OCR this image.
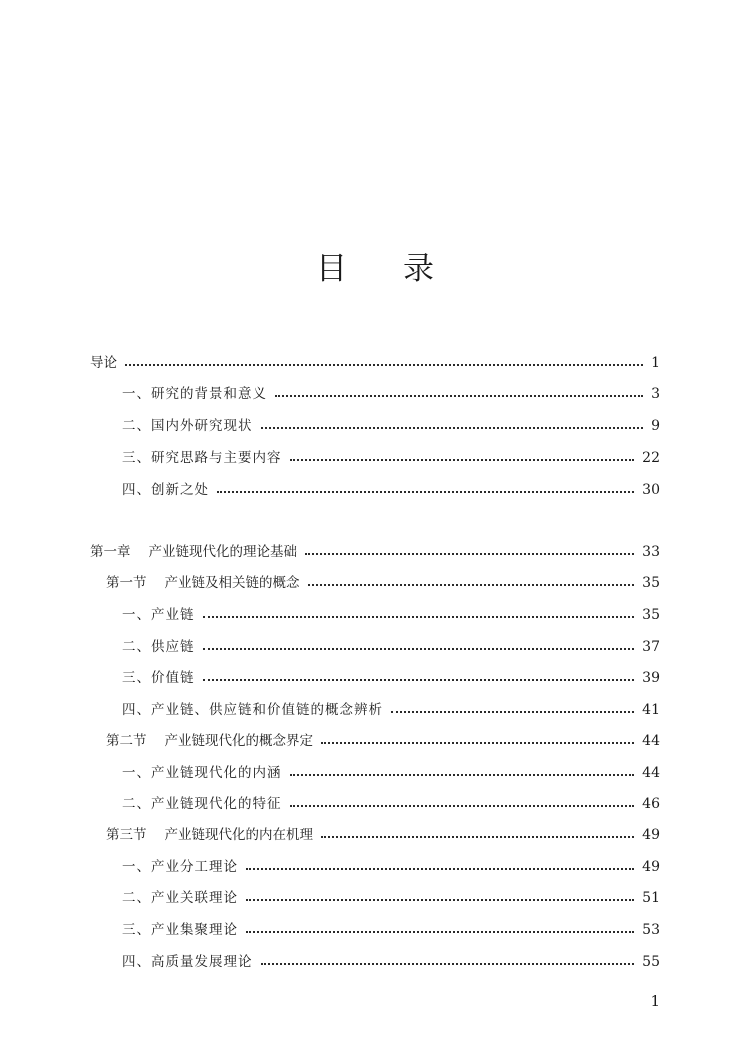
目 录
导论	1
一、研究的背景和意义	3
二、国内外研究现状	9
三、研究思路与主要内容	22
四、创新之处	30
第一章 产业链现代化的理论基础	33
第一节 产业链及相关链的概念	35
一、产业链	35
二、供应链	37
三、价值链	39
四、产业链、供应链和价值链的概念辨析	41
第二节 产业链现代化的概念界定	44
一、产业链现代化的内涵	44
二、产业链现代化的特征	46
第三节 产业链现代化的内在机理	49
一、产业分工理论	49
二、产业关联理论	51
三、产业集聚理论	53
四、高质量发展理论	55
1
